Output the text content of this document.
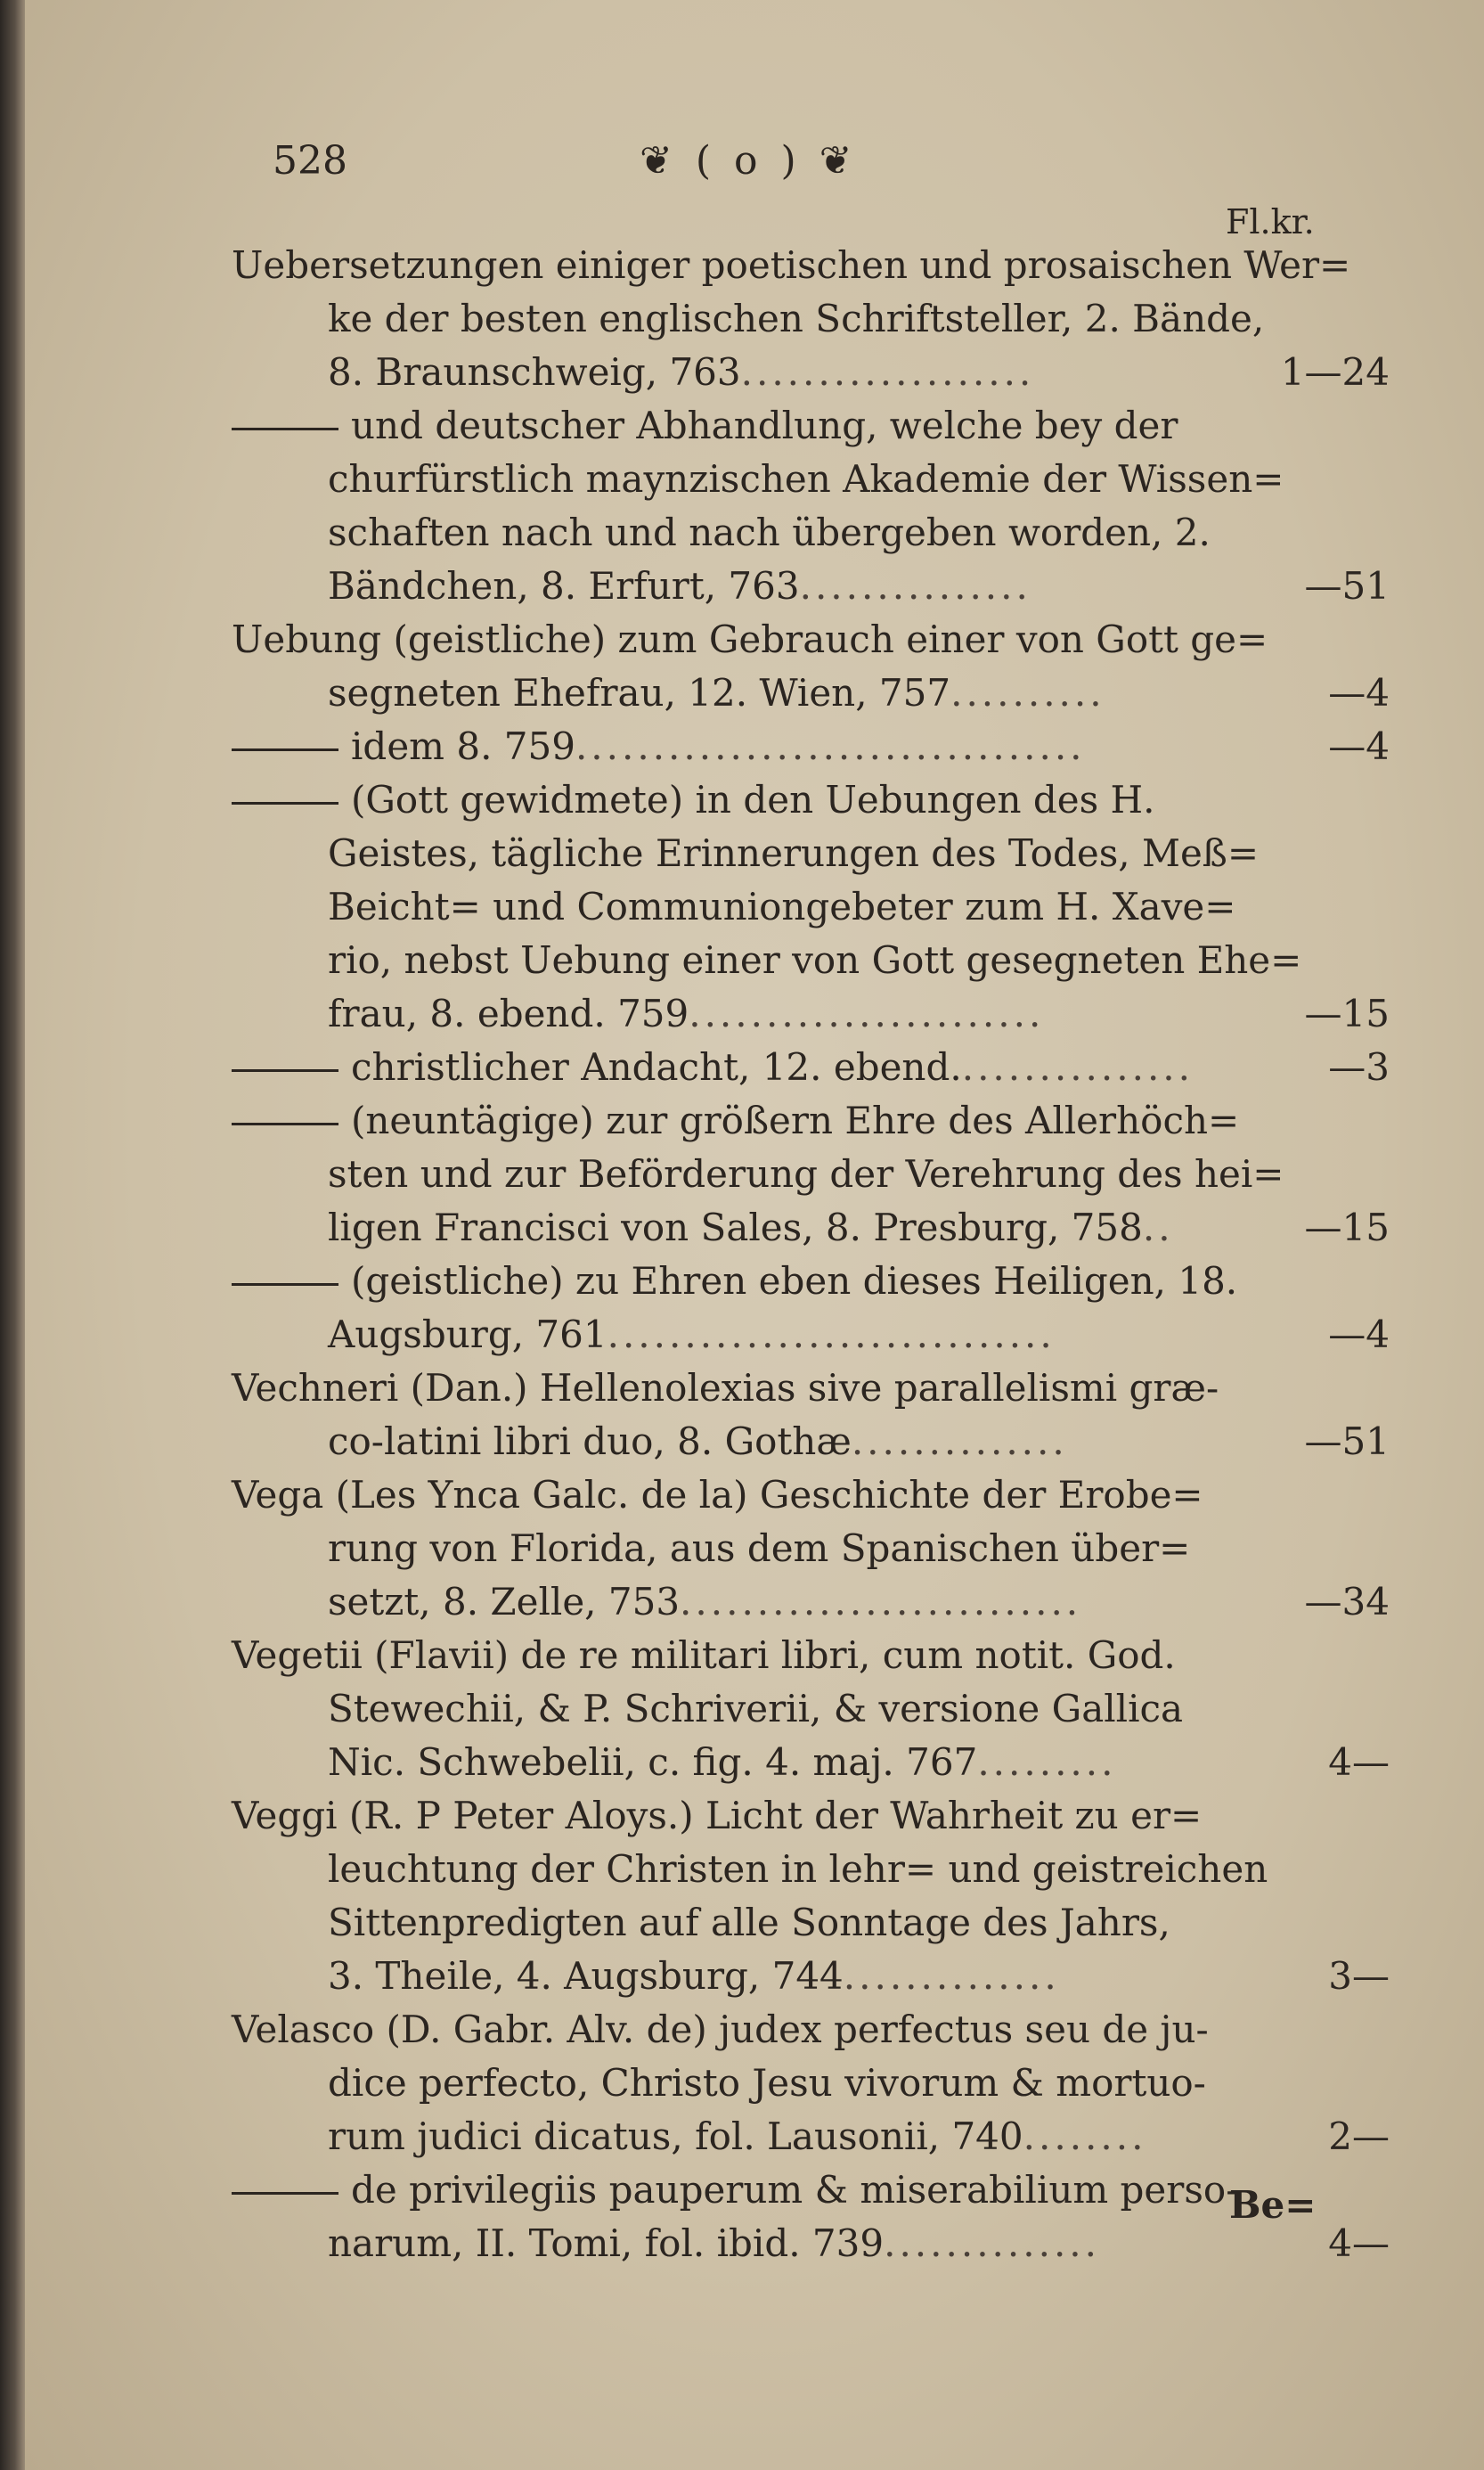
528	❦ ( o ) ❦
Fl.kr.
Uebersetzungen einiger poetischen und prosaischen Wer=
ke der besten englischen Schriftsteller, 2. Bände,
8. Braunschweig, 763...................	1—24
und deutscher Abhandlung, welche bey der
churfürstlich maynzischen Akademie der Wissen=
schaften nach und nach übergeben worden, 2.
Bändchen, 8. Erfurt, 763...............	—51
Uebung (geistliche) zum Gebrauch einer von Gott ge=
segneten Ehefrau, 12. Wien, 757..........	—4
idem 8. 759.................................	—4
(Gott gewidmete) in den Uebungen des H.
Geistes, tägliche Erinnerungen des Todes, Meß=
Beicht= und Communiongebeter zum H. Xave=
rio, nebst Uebung einer von Gott gesegneten Ehe=
frau, 8. ebend. 759.......................	—15
christlicher Andacht, 12. ebend................	—3
(neuntägige) zur größern Ehre des Allerhöch=
sten und zur Beförderung der Verehrung des hei=
ligen Francisci von Sales, 8. Presburg, 758..	—15
(geistliche) zu Ehren eben dieses Heiligen, 18.
Augsburg, 761.............................	—4
Vechneri (Dan.) Hellenolexias sive parallelismi græ-
co-latini libri duo, 8. Gothæ..............	—51
Vega (Les Ynca Galc. de la) Geschichte der Erobe=
rung von Florida, aus dem Spanischen über=
setzt, 8. Zelle, 753..........................	—34
Vegetii (Flavii) de re militari libri, cum notit. God.
Stewechii, & P. Schriverii, & versione Gallica
Nic. Schwebelii, c. fig. 4. maj. 767.........	4—
Veggi (R. P Peter Aloys.) Licht der Wahrheit zu er=
leuchtung der Christen in lehr= und geistreichen
Sittenpredigten auf alle Sonntage des Jahrs,
3. Theile, 4. Augsburg, 744..............	3—
Velasco (D. Gabr. Alv. de) judex perfectus seu de ju-
dice perfecto, Christo Jesu vivorum & mortuo-
rum judici dicatus, fol. Lausonii, 740........	2—
de privilegiis pauperum & miserabilium perso-
narum, II. Tomi, fol. ibid. 739..............	4—
Be=
